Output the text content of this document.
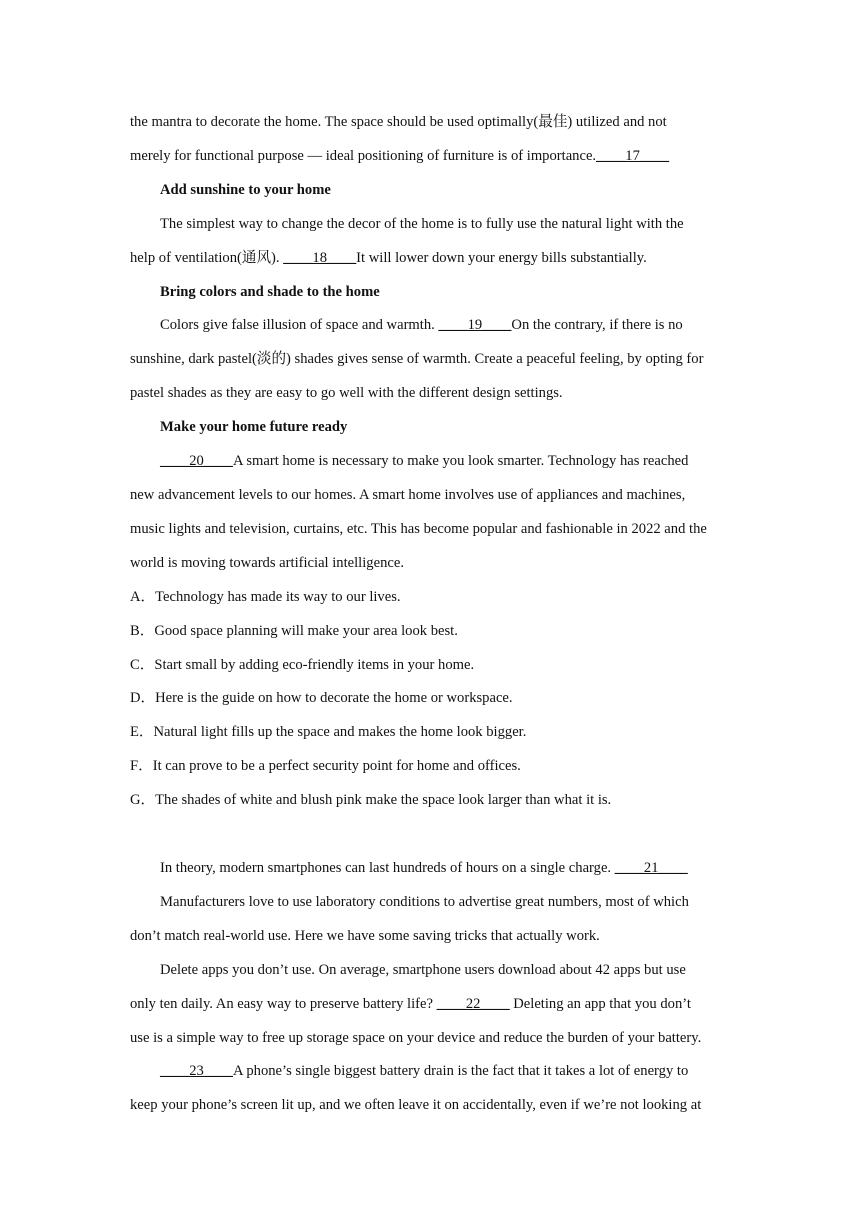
the mantra to decorate the home. The space should be used optimally(最佳) utilized and not

merely for functional purpose — ideal positioning of furniture is of importance.____17____

Add sunshine to your home

The simplest way to change the decor of the home is to fully use the natural light with the

help of ventilation(通风). ____18____It will lower down your energy bills substantially.

Bring colors and shade to the home

Colors give false illusion of space and warmth. ____19____On the contrary, if there is no

sunshine, dark pastel(淡的) shades gives sense of warmth. Create a peaceful feeling, by opting for

pastel shades as they are easy to go well with the different design settings.

Make your home future ready

____20____A smart home is necessary to make you look smarter. Technology has reached

new advancement levels to our homes. A smart home involves use of appliances and machines,

music lights and television, curtains, etc. This has become popular and fashionable in 2022 and the

world is moving towards artificial intelligence.

A．Technology has made its way to our lives.

B．Good space planning will make your area look best.

C．Start small by adding eco-friendly items in your home.

D．Here is the guide on how to decorate the home or workspace.

E．Natural light fills up the space and makes the home look bigger.

F．It can prove to be a perfect security point for home and offices.

G．The shades of white and blush pink make the space look larger than what it is.

In theory, modern smartphones can last hundreds of hours on a single charge. ____21____

Manufacturers love to use laboratory conditions to advertise great numbers, most of which

don’t match real-world use. Here we have some saving tricks that actually work.

Delete apps you don’t use. On average, smartphone users download about 42 apps but use

only ten daily. An easy way to preserve battery life? ____22____ Deleting an app that you don’t

use is a simple way to free up storage space on your device and reduce the burden of your battery.

____23____A phone’s single biggest battery drain is the fact that it takes a lot of energy to

keep your phone’s screen lit up, and we often leave it on accidentally, even if we’re not looking at
